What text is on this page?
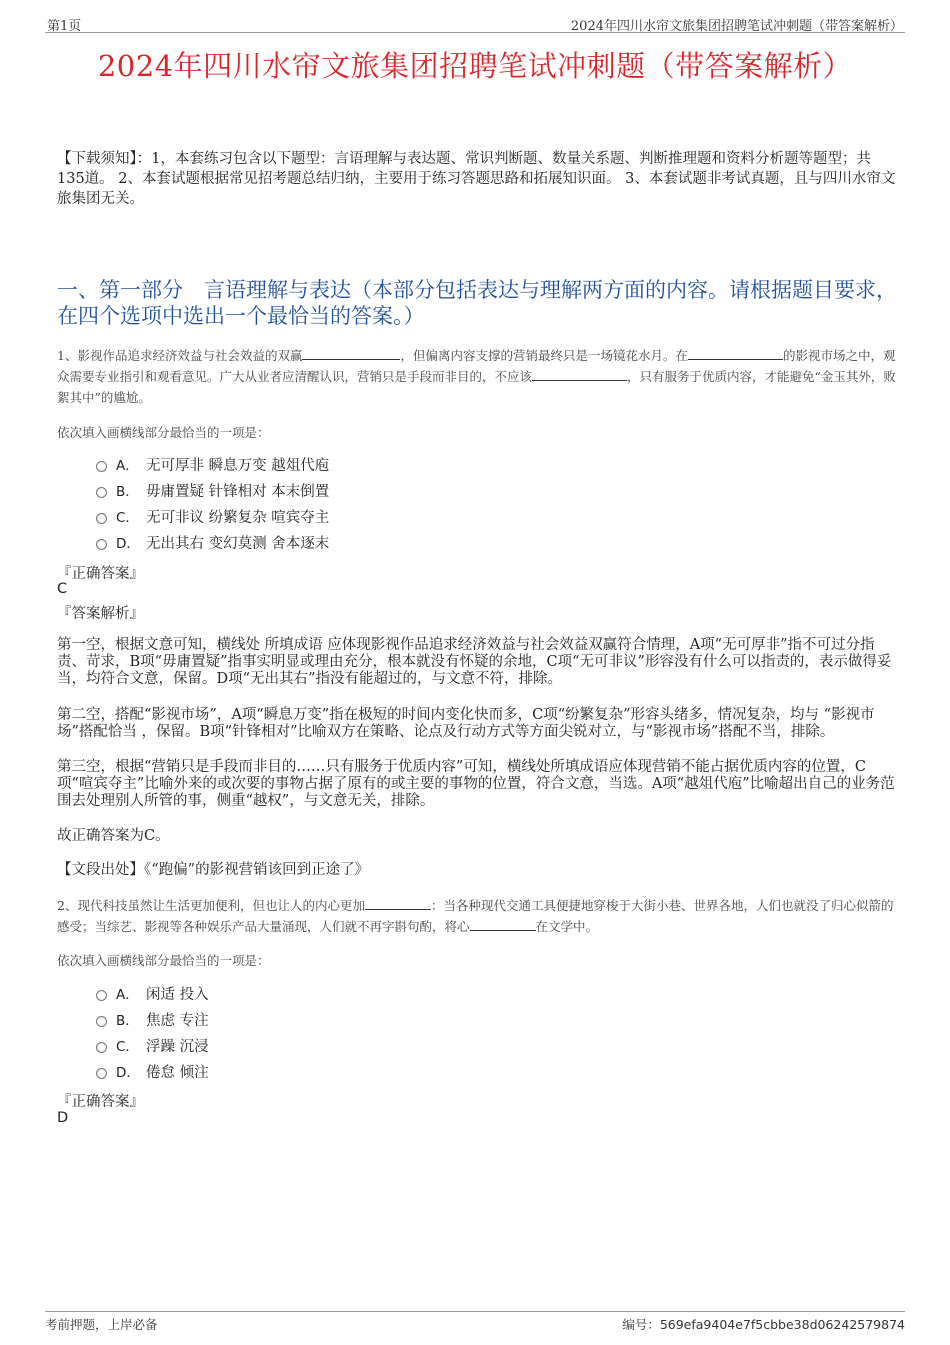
第1页	2024年四川水帘文旅集团招聘笔试冲刺题（带答案解析）
2024年四川水帘文旅集团招聘笔试冲刺题（带答案解析）
【下载须知】：1，本套练习包含以下题型：言语理解与表达题、常识判断题、数量关系题、判断推理题和资料分析题等题型；共135道。 2、本套试题根据常见招考题总结归纳，主要用于练习答题思路和拓展知识面。 3、本套试题非考试真题，且与四川水帘文旅集团无关。
一、第一部分　言语理解与表达（本部分包括表达与理解两方面的内容。请根据题目要求，在四个选项中选出一个最恰当的答案。）
1、影视作品追求经济效益与社会效益的双赢	，但偏离内容支撑的营销最终只是一场镜花水月。在	的影视市场之中，观众需要专业指引和观看意见。广大从业者应清醒认识，营销只是手段而非目的，不应该	，只有服务于优质内容，才能避免“金玉其外，败絮其中”的尴尬。
依次填入画横线部分最恰当的一项是：
A． 无可厚非 瞬息万变 越俎代庖
B． 毋庸置疑 针锋相对 本末倒置
C． 无可非议 纷繁复杂 喧宾夺主
D． 无出其右 变幻莫测 舍本逐末
『正确答案』
C
『答案解析』
第一空，根据文意可知，横线处 所填成语 应体现影视作品追求经济效益与社会效益双赢符合情理，A项“无可厚非”指不可过分指责、苛求，B项“毋庸置疑”指事实明显或理由充分，根本就没有怀疑的余地，C项“无可非议”形容没有什么可以指责的，表示做得妥当，均符合文意，保留。D项“无出其右”指没有能超过的，与文意不符，排除。
第二空，搭配“影视市场”，A项“瞬息万变”指在极短的时间内变化快而多，C项“纷繁复杂”形容头绪多，情况复杂，均与 “影视市场”搭配恰当 ，保留。B项“针锋相对”比喻双方在策略、论点及行动方式等方面尖锐对立，与“影视市场”搭配不当，排除。
第三空，根据“营销只是手段而非目的……只有服务于优质内容”可知，横线处所填成语应体现营销不能占据优质内容的位置，C项“喧宾夺主”比喻外来的或次要的事物占据了原有的或主要的事物的位置，符合文意，当选。A项“越俎代庖”比喻超出自己的业务范围去处理别人所管的事，侧重“越权”，与文意无关，排除。
故正确答案为C。
【文段出处】《“跑偏”的影视营销该回到正途了》
2、现代科技虽然让生活更加便利，但也让人的内心更加	：当各种现代交通工具便捷地穿梭于大街小巷、世界各地，人们也就没了归心似箭的感受；当综艺、影视等各种娱乐产品大量涌现，人们就不再字斟句酌，将心	在文学中。
依次填入画横线部分最恰当的一项是：
A． 闲适 投入
B． 焦虑 专注
C． 浮躁 沉浸
D． 倦怠 倾注
『正确答案』
D
考前押题，上岸必备	编号：569efa9404e7f5cbbe38d06242579874
